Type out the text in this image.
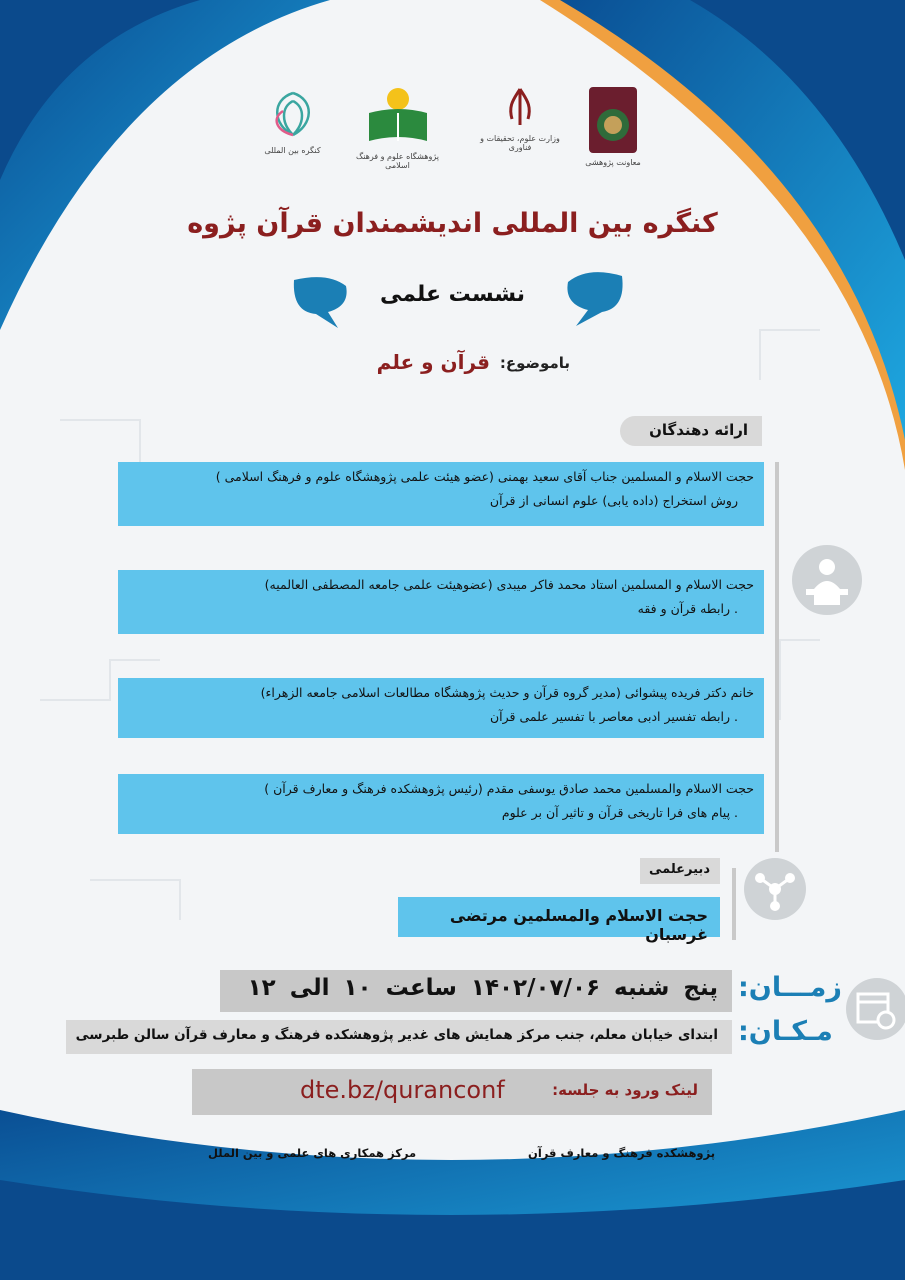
معاونت پژوهشی
وزارت علوم، تحقیقات و فناوری
پژوهشگاه علوم و فرهنگ اسلامی
کنگره بین المللی
کنگره بین المللی اندیشمندان قرآن پژوه
نشست علمی
باموضوع:
قرآن و علم
ارائه دهندگان
حجت الاسلام و المسلمین جناب آقای سعید بهمنی (عضو هیئت علمی پژوهشگاه علوم و فرهنگ اسلامی )
روش استخراج (داده یابی) علوم انسانی از قرآن
حجت الاسلام و المسلمین استاد محمد فاکر میبدی (عضوهیئت علمی جامعه المصطفی العالمیه)
. رابطه قرآن و فقه
خانم دکتر فریده پیشوائی (مدیر گروه قرآن و حدیث پژوهشگاه مطالعات اسلامی جامعه الزهراء)
. رابطه تفسیر ادبی معاصر با تفسیر علمی قرآن
حجت الاسلام والمسلمین محمد صادق یوسفی مقدم (رئیس پژوهشکده فرهنگ و معارف قرآن )
. پیام های فرا تاریخی قرآن و تاثیر آن بر علوم
دبیرعلمی
حجت الاسلام والمسلمین مرتضی غرسبان
زمـــان:
پنج شنبه ۱۴۰۲/۰۷/۰۶ ساعت ۱۰ الی ۱۲
مـکـان:
ابتدای خیابان معلم، جنب مرکز همایش های غدیر پژوهشکده فرهنگ و معارف قرآن سالن طبرسی
لینک ورود به جلسه:
dte.bz/quranconf
مرکز همکاری های علمی و بین الملل	پژوهشکده فرهنگ و معارف قرآن
